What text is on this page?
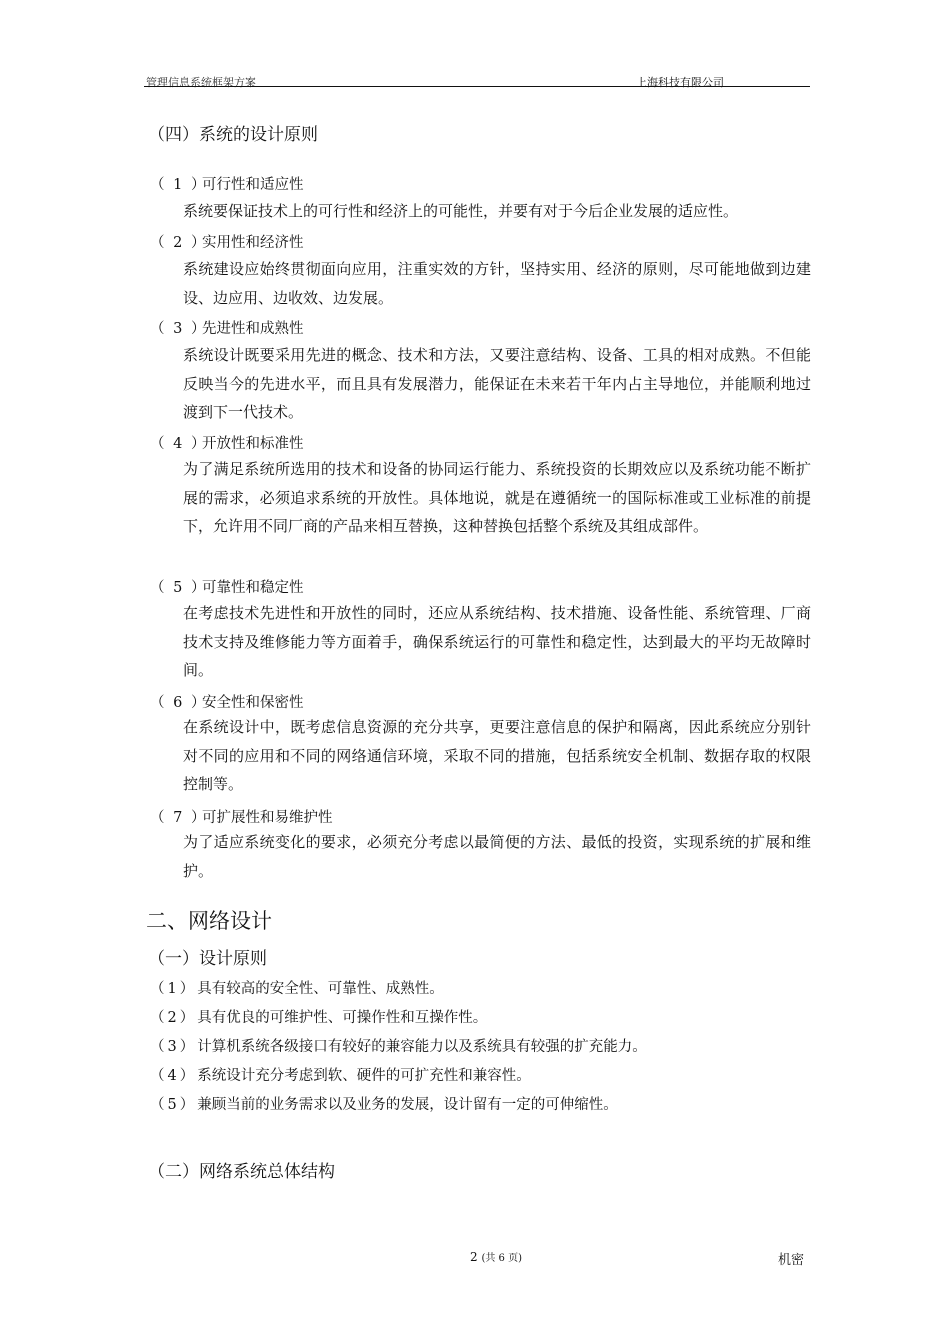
管理信息系统框架方案	上海科技有限公司
（四）系统的设计原则
（ 1 ）可行性和适应性
系统要保证技术上的可行性和经济上的可能性，并要有对于今后企业发展的适应性。
（ 2 ）实用性和经济性
系统建设应始终贯彻面向应用，注重实效的方针，坚持实用、经济的原则，尽可能地做到边建设、边应用、边收效、边发展。
（ 3 ）先进性和成熟性
系统设计既要采用先进的概念、技术和方法，又要注意结构、设备、工具的相对成熟。不但能反映当今的先进水平，而且具有发展潜力，能保证在未来若干年内占主导地位，并能顺利地过渡到下一代技术。
（ 4 ）开放性和标准性
为了满足系统所选用的技术和设备的协同运行能力、系统投资的长期效应以及系统功能不断扩展的需求，必须追求系统的开放性。具体地说，就是在遵循统一的国际标准或工业标准的前提下，允许用不同厂商的产品来相互替换，这种替换包括整个系统及其组成部件。
（ 5 ）可靠性和稳定性
在考虑技术先进性和开放性的同时，还应从系统结构、技术措施、设备性能、系统管理、厂商技术支持及维修能力等方面着手，确保系统运行的可靠性和稳定性，达到最大的平均无故障时间。
（ 6 ）安全性和保密性
在系统设计中，既考虑信息资源的充分共享，更要注意信息的保护和隔离，因此系统应分别针对不同的应用和不同的网络通信环境，采取不同的措施，包括系统安全机制、数据存取的权限控制等。
（ 7 ）可扩展性和易维护性
为了适应系统变化的要求，必须充分考虑以最简便的方法、最低的投资，实现系统的扩展和维护。
二、网络设计
（一）设计原则
（1）具有较高的安全性、可靠性、成熟性。
（2）具有优良的可维护性、可操作性和互操作性。
（3）计算机系统各级接口有较好的兼容能力以及系统具有较强的扩充能力。
（4）系统设计充分考虑到软、硬件的可扩充性和兼容性。
（5）兼顾当前的业务需求以及业务的发展，设计留有一定的可伸缩性。
（二）网络系统总体结构
2 (共 6 页)	机密
